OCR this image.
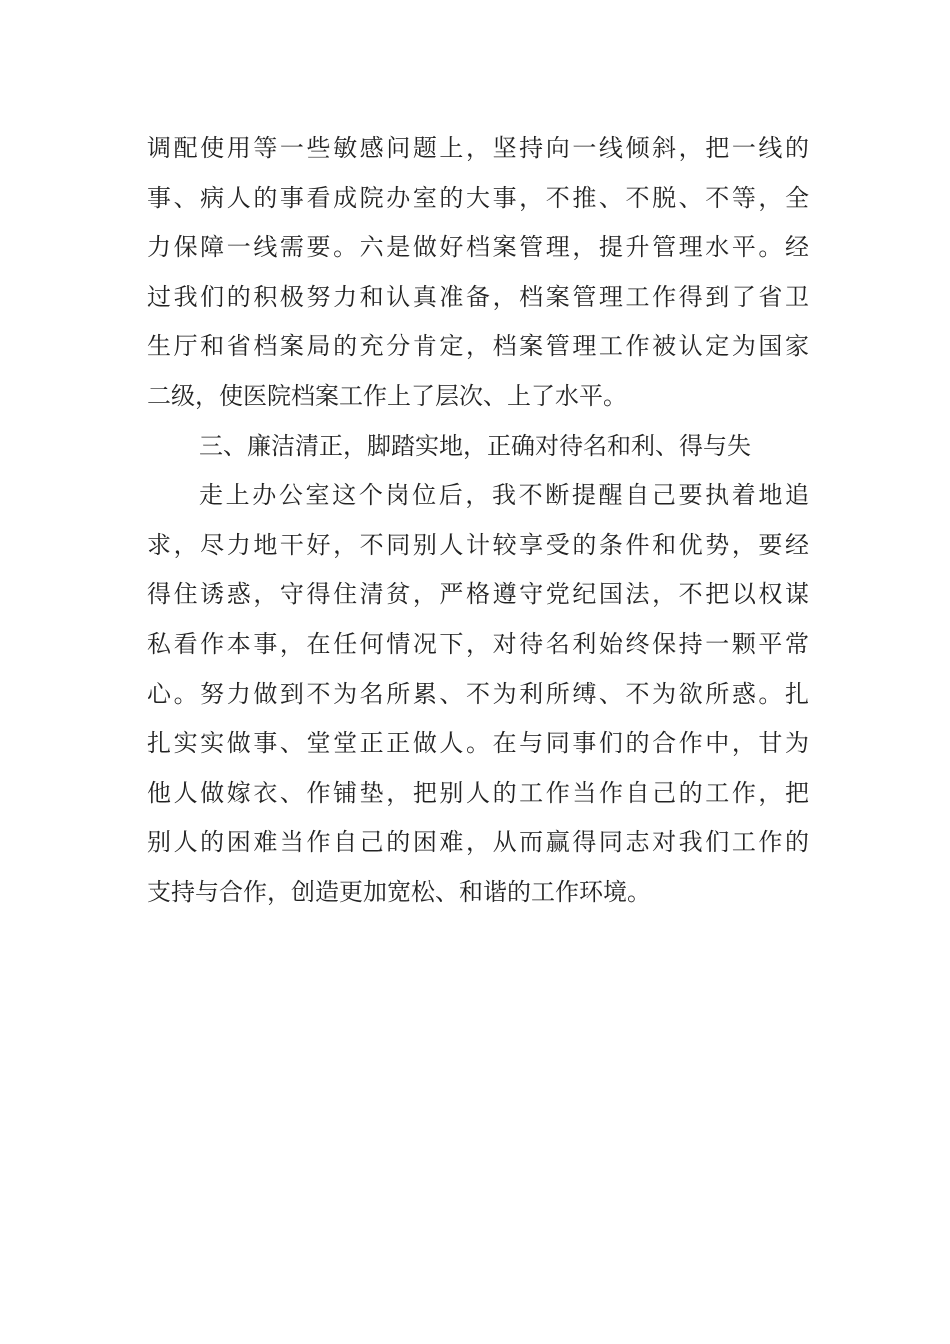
调配使用等一些敏感问题上，坚持向一线倾斜，把一线的
事、病人的事看成院办室的大事，不推、不脱、不等，全
力保障一线需要。六是做好档案管理，提升管理水平。经
过我们的积极努力和认真准备，档案管理工作得到了省卫
生厅和省档案局的充分肯定，档案管理工作被认定为国家
二级，使医院档案工作上了层次、上了水平。
三、廉洁清正，脚踏实地，正确对待名和利、得与失
走上办公室这个岗位后，我不断提醒自己要执着地追
求，尽力地干好，不同别人计较享受的条件和优势，要经
得住诱惑，守得住清贫，严格遵守党纪国法，不把以权谋
私看作本事，在任何情况下，对待名利始终保持一颗平常
心。努力做到不为名所累、不为利所缚、不为欲所惑。扎
扎实实做事、堂堂正正做人。在与同事们的合作中，甘为
他人做嫁衣、作铺垫，把别人的工作当作自己的工作，把
别人的困难当作自己的困难，从而赢得同志对我们工作的
支持与合作，创造更加宽松、和谐的工作环境。
